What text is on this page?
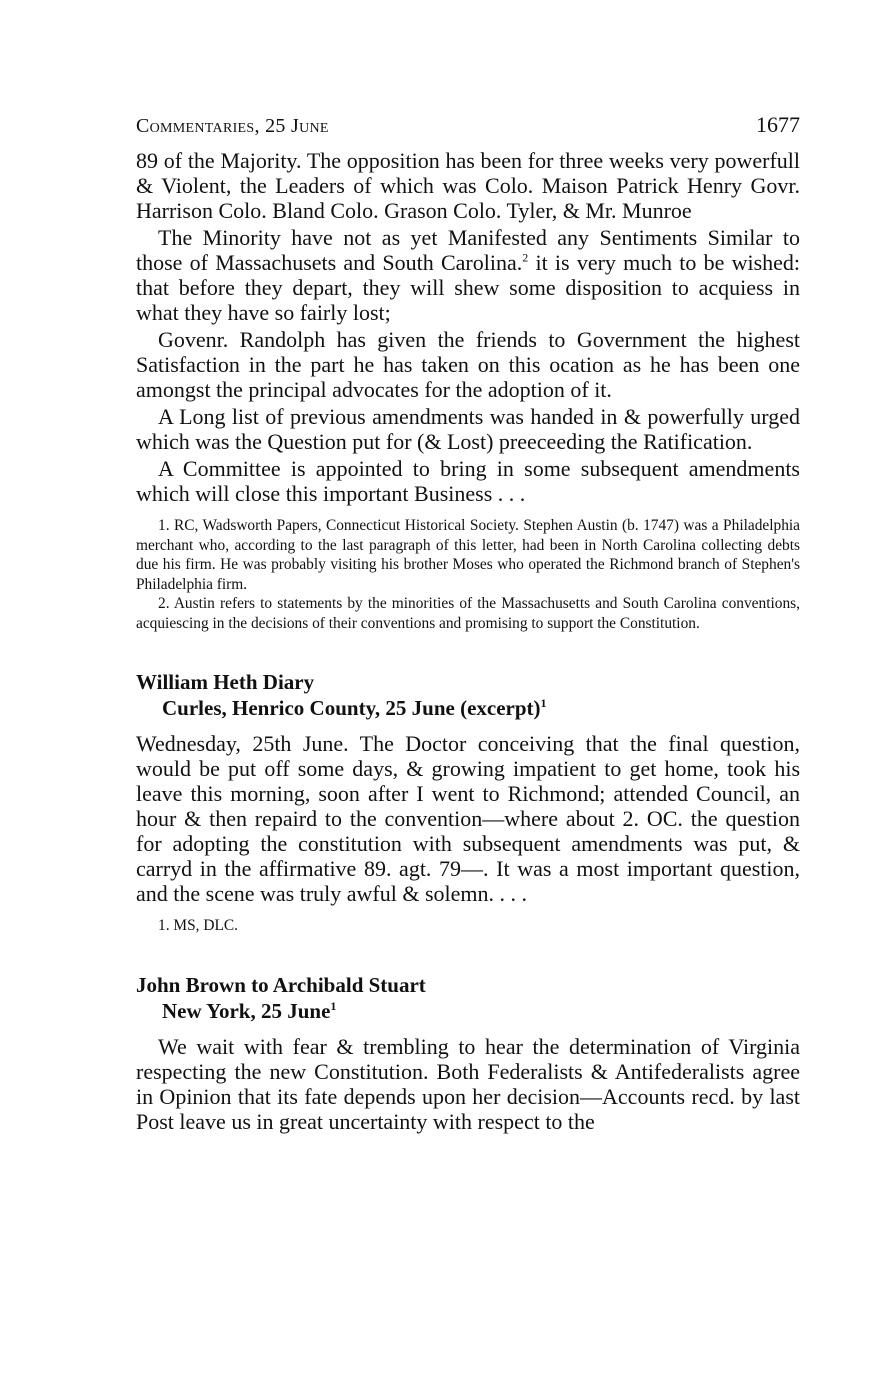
Commentaries, 25 June	1677

89 of the Majority. The opposition has been for three weeks very powerfull & Violent, the Leaders of which was Colo. Maison Patrick Henry Govr. Harrison Colo. Bland Colo. Grason Colo. Tyler, & Mr. Munroe

The Minority have not as yet Manifested any Sentiments Similar to those of Massachusets and South Carolina.$^2$ it is very much to be wished: that before they depart, they will shew some disposition to acquiess in what they have so fairly lost;

Govenr. Randolph has given the friends to Government the highest Satisfaction in the part he has taken on this ocation as he has been one amongst the principal advocates for the adoption of it.

A Long list of previous amendments was handed in & powerfully urged which was the Question put for (& Lost) preeceeding the Ratification.

A Committee is appointed to bring in some subsequent amendments which will close this important Business . . .

1. RC, Wadsworth Papers, Connecticut Historical Society. Stephen Austin (b. 1747) was a Philadelphia merchant who, according to the last paragraph of this letter, had been in North Carolina collecting debts due his firm. He was probably visiting his brother Moses who operated the Richmond branch of Stephen's Philadelphia firm.

2. Austin refers to statements by the minorities of the Massachusetts and South Carolina conventions, acquiescing in the decisions of their conventions and promising to support the Constitution.

William Heth Diary

Curles, Henrico County, 25 June (excerpt)$^1$

Wednesday, 25th June. The Doctor conceiving that the final question, would be put off some days, & growing impatient to get home, took his leave this morning, soon after I went to Richmond; attended Council, an hour & then repaird to the convention—where about 2. OC. the question for adopting the constitution with subsequent amendments was put, & carryd in the affirmative 89. agt. 79—. It was a most important question, and the scene was truly awful & solemn. . . .

1. MS, DLC.

John Brown to Archibald Stuart

New York, 25 June$^1$

We wait with fear & trembling to hear the determination of Virginia respecting the new Constitution. Both Federalists & Antifederalists agree in Opinion that its fate depends upon her decision—Accounts recd. by last Post leave us in great uncertainty with respect to the
